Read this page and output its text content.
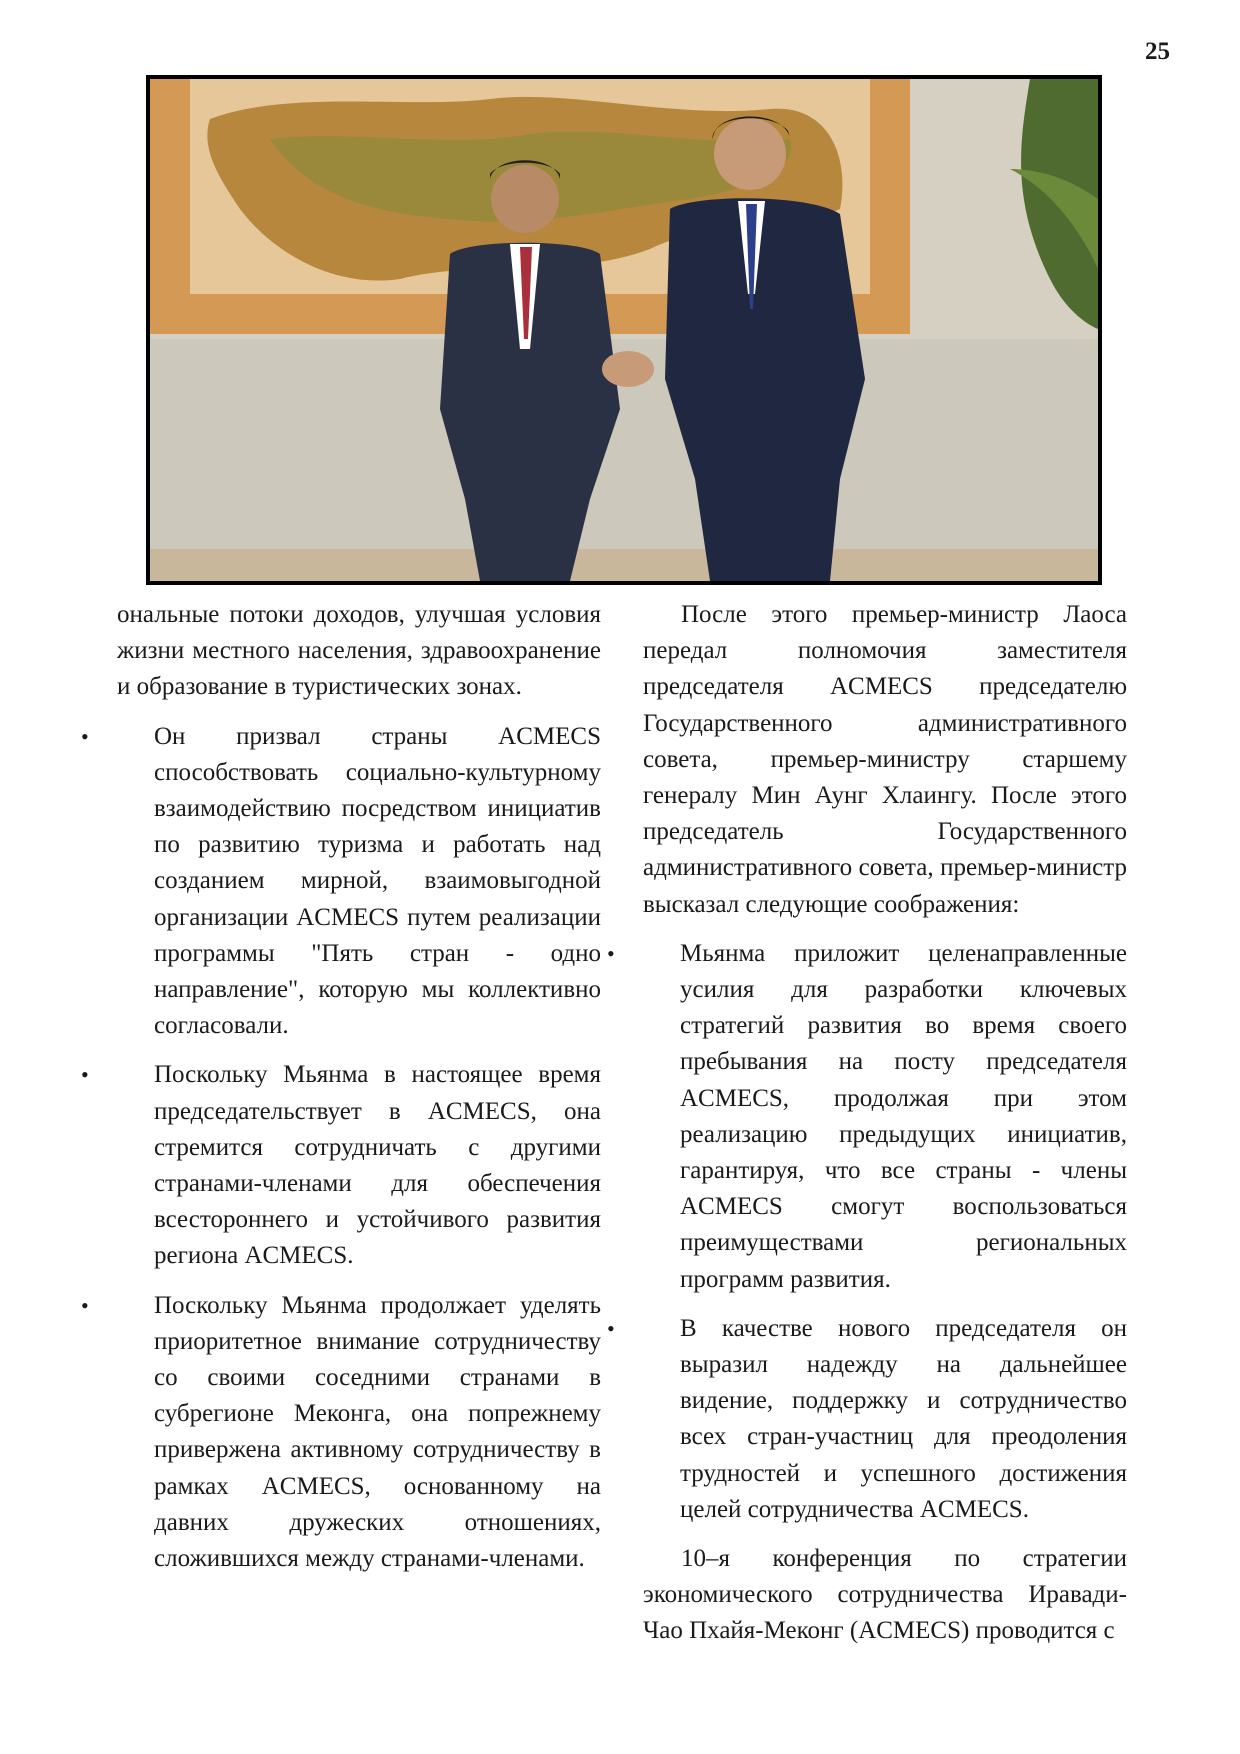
25

ональные потоки доходов, улучшая условия жизни местного населения, здравоохранение и образование в туристических зонах.

• Он призвал страны ACMECS способствовать социально-культурному взаимодействию посредством инициатив по развитию туризма и работать над созданием мирной, взаимовыгодной организации ACMECS путем реализации программы "Пять стран - одно направление", которую мы коллективно согласовали.
• Поскольку Мьянма в настоящее время председательствует в ACMECS, она стремится сотрудничать с другими странами-членами для обеспечения всестороннего и устойчивого развития региона ACMECS.
• Поскольку Мьянма продолжает уделять приоритетное внимание сотрудничеству со своими соседними странами в субрегионе Меконга, она попрежнему привержена активному сотрудничеству в рамках ACMECS, основанному на давних дружеских отношениях, сложившихся между странами-членами.

После этого премьер-министр Лаоса передал полномочия заместителя председателя ACMECS председателю Государственного административного совета, премьер-министру старшему генералу Мин Аунг Хлаингу. После этого председатель Государственного административного совета, премьер-министр высказал следующие соображения:

• Мьянма приложит целенаправленные усилия для разработки ключевых стратегий развития во время своего пребывания на посту председателя ACMECS, продолжая при этом реализацию предыдущих инициатив, гарантируя, что все страны - члены ACMECS смогут воспользоваться преимуществами региональных программ развития.
• В качестве нового председателя он выразил надежду на дальнейшее видение, поддержку и сотрудничество всех стран-участниц для преодоления трудностей и успешного достижения целей сотрудничества ACMECS.

10–я конференция по стратегии экономического сотрудничества Иравади-Чао Пхайя-Меконг (ACMECS) проводится с
